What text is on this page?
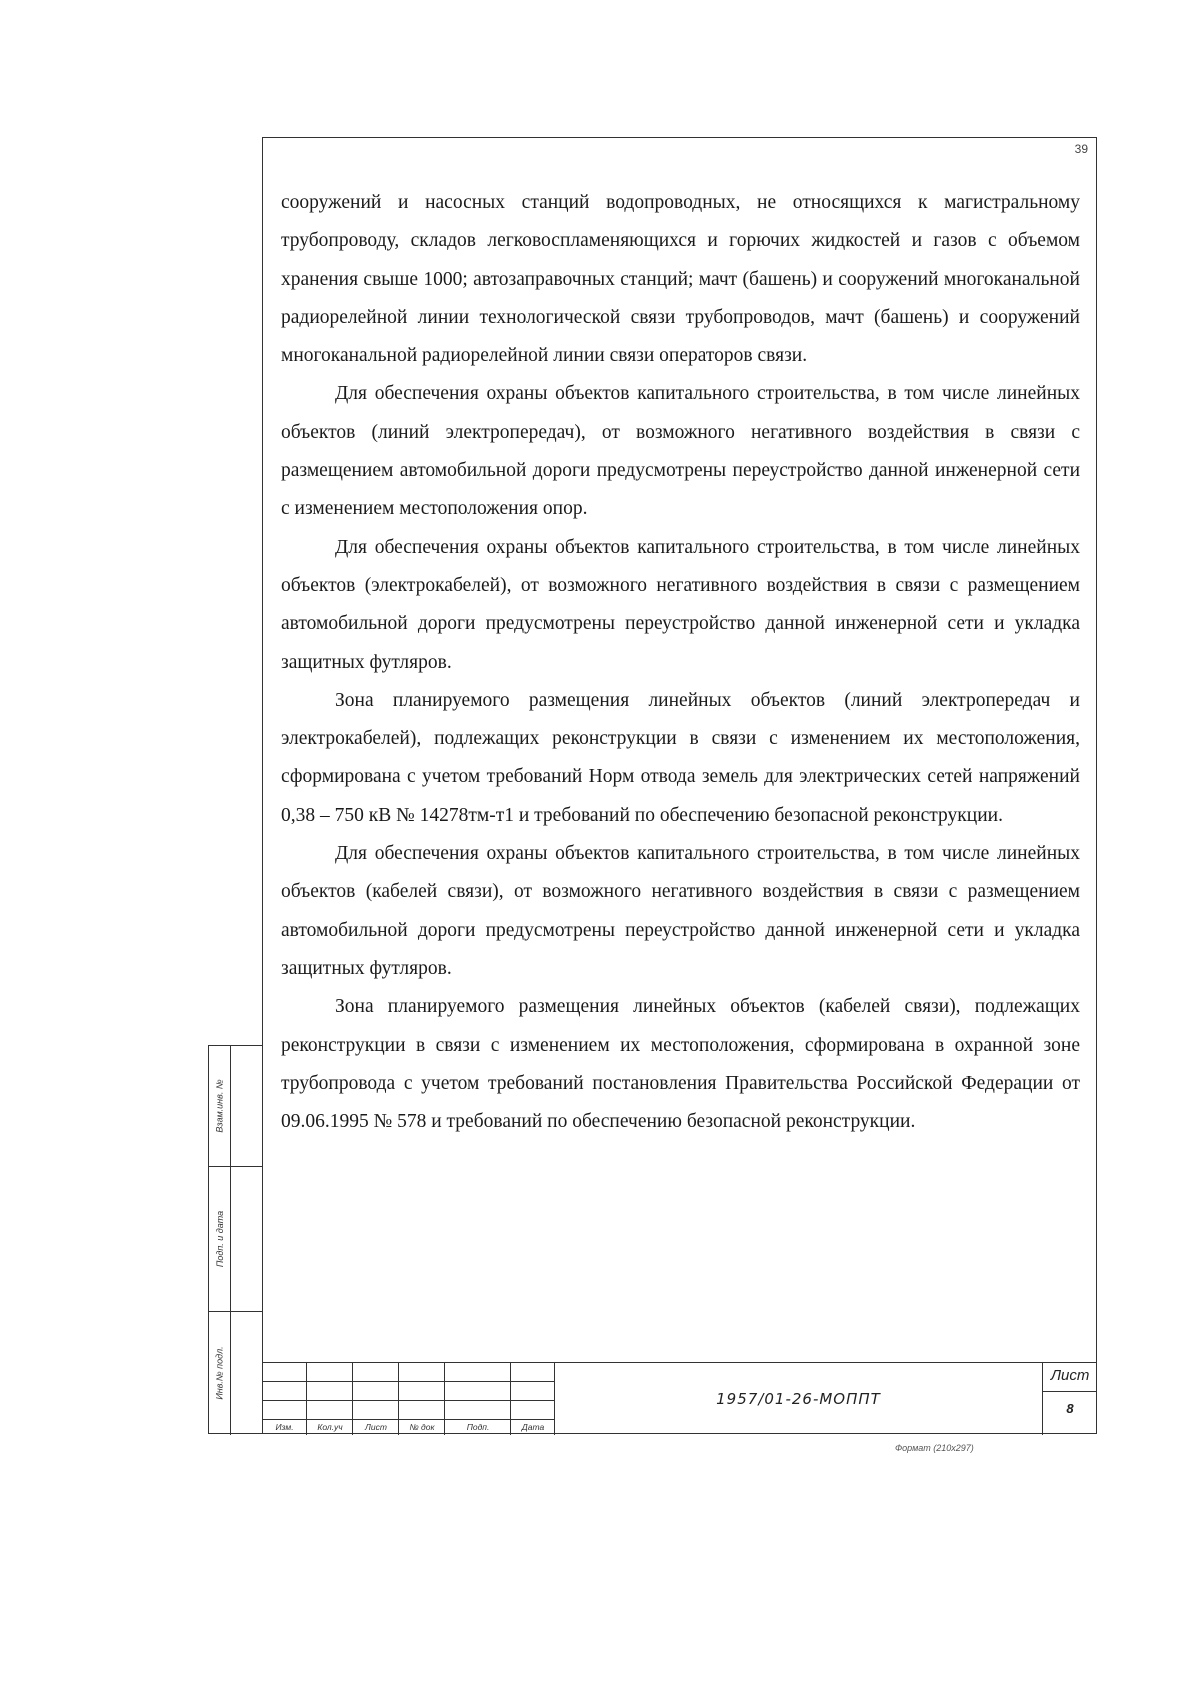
39

сооружений и насосных станций водопроводных, не относящихся к магистральному трубопроводу, складов легковоспламеняющихся и горючих жидкостей и газов с объемом хранения свыше 1000; автозаправочных станций; мачт (башень) и сооружений многоканальной радиорелейной линии технологической связи трубопроводов, мачт (башень) и сооружений многоканальной радиорелейной линии связи операторов связи.

Для обеспечения охраны объектов капитального строительства, в том числе линейных объектов (линий электропередач), от возможного негативного воздействия в связи с размещением автомобильной дороги предусмотрены переустройство данной инженерной сети с изменением местоположения опор.

Для обеспечения охраны объектов капитального строительства, в том числе линейных объектов (электрокабелей), от возможного негативного воздействия в связи с размещением автомобильной дороги предусмотрены переустройство данной инженерной сети и укладка защитных футляров.

Зона планируемого размещения линейных объектов (линий электропередач и электрокабелей), подлежащих реконструкции в связи с изменением их местоположения, сформирована с учетом требований Норм отвода земель для электрических сетей напряжений 0,38 – 750 кВ № 14278тм-т1 и требований по обеспечению безопасной реконструкции.

Для обеспечения охраны объектов капитального строительства, в том числе линейных объектов (кабелей связи), от возможного негативного воздействия в связи с размещением автомобильной дороги предусмотрены переустройство данной инженерной сети и укладка защитных футляров.

Зона планируемого размещения линейных объектов (кабелей связи), подлежащих реконструкции в связи с изменением их местоположения, сформирована в охранной зоне трубопровода с учетом требований постановления Правительства Российской Федерации от 09.06.1995 № 578 и требований по обеспечению безопасной реконструкции.

Взам.инв. №
Подп. и дата
Инв.№ подл.
Изм.	Кол.уч	Лист	№ док	Подп.	Дата
1957/01-26-МОППТ
Лист
8
Формат (210х297)
